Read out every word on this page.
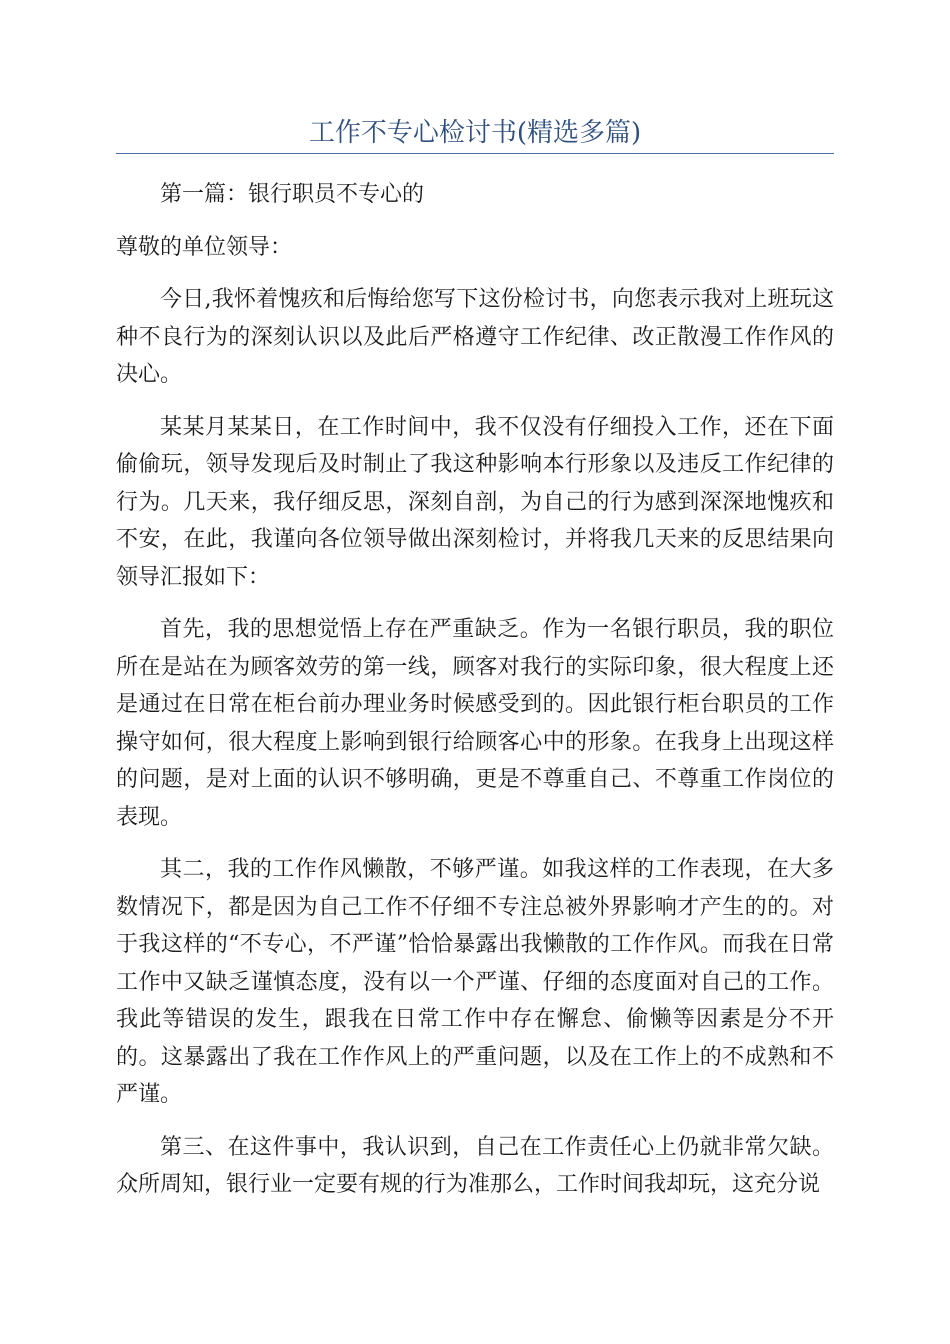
工作不专心检讨书(精选多篇)

第一篇：银行职员不专心的

尊敬的单位领导：

今日,我怀着愧疚和后悔给您写下这份检讨书，向您表示我对上班玩这种不良行为的深刻认识以及此后严格遵守工作纪律、改正散漫工作作风的决心。

某某月某某日，在工作时间中，我不仅没有仔细投入工作，还在下面偷偷玩，领导发现后及时制止了我这种影响本行形象以及违反工作纪律的行为。几天来，我仔细反思，深刻自剖，为自己的行为感到深深地愧疚和不安，在此，我谨向各位领导做出深刻检讨，并将我几天来的反思结果向领导汇报如下：

首先，我的思想觉悟上存在严重缺乏。作为一名银行职员，我的职位所在是站在为顾客效劳的第一线，顾客对我行的实际印象，很大程度上还是通过在日常在柜台前办理业务时候感受到的。因此银行柜台职员的工作操守如何，很大程度上影响到银行给顾客心中的形象。在我身上出现这样的问题，是对上面的认识不够明确，更是不尊重自己、不尊重工作岗位的表现。

其二，我的工作作风懒散，不够严谨。如我这样的工作表现，在大多数情况下，都是因为自己工作不仔细不专注总被外界影响才产生的的。对于我这样的“不专心，不严谨”恰恰暴露出我懒散的工作作风。而我在日常工作中又缺乏谨慎态度，没有以一个严谨、仔细的态度面对自己的工作。我此等错误的发生，跟我在日常工作中存在懈怠、偷懒等因素是分不开的。这暴露出了我在工作作风上的严重问题，以及在工作上的不成熟和不严谨。

第三、在这件事中，我认识到，自己在工作责任心上仍就非常欠缺。众所周知，银行业一定要有规的行为准那么，工作时间我却玩，这充分说
